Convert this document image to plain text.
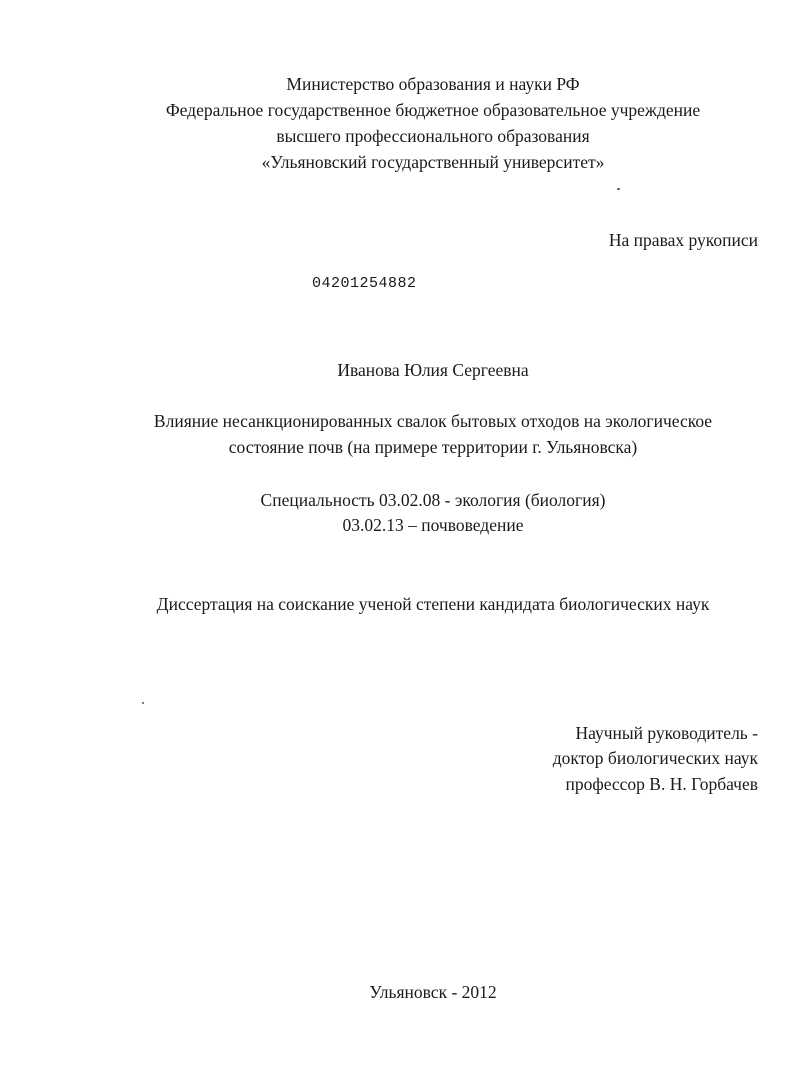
Министерство образования и науки РФ
Федеральное государственное бюджетное образовательное учреждение
высшего профессионального образования
«Ульяновский государственный университет»
На правах рукописи
04201254882
Иванова Юлия Сергеевна
Влияние несанкционированных свалок бытовых отходов на экологическое
состояние почв (на примере территории г. Ульяновска)
Специальность 03.02.08 - экология (биология)
03.02.13 – почвоведение
Диссертация на соискание ученой степени кандидата биологических наук
Научный руководитель -
доктор биологических наук
профессор В. Н. Горбачев
Ульяновск - 2012
